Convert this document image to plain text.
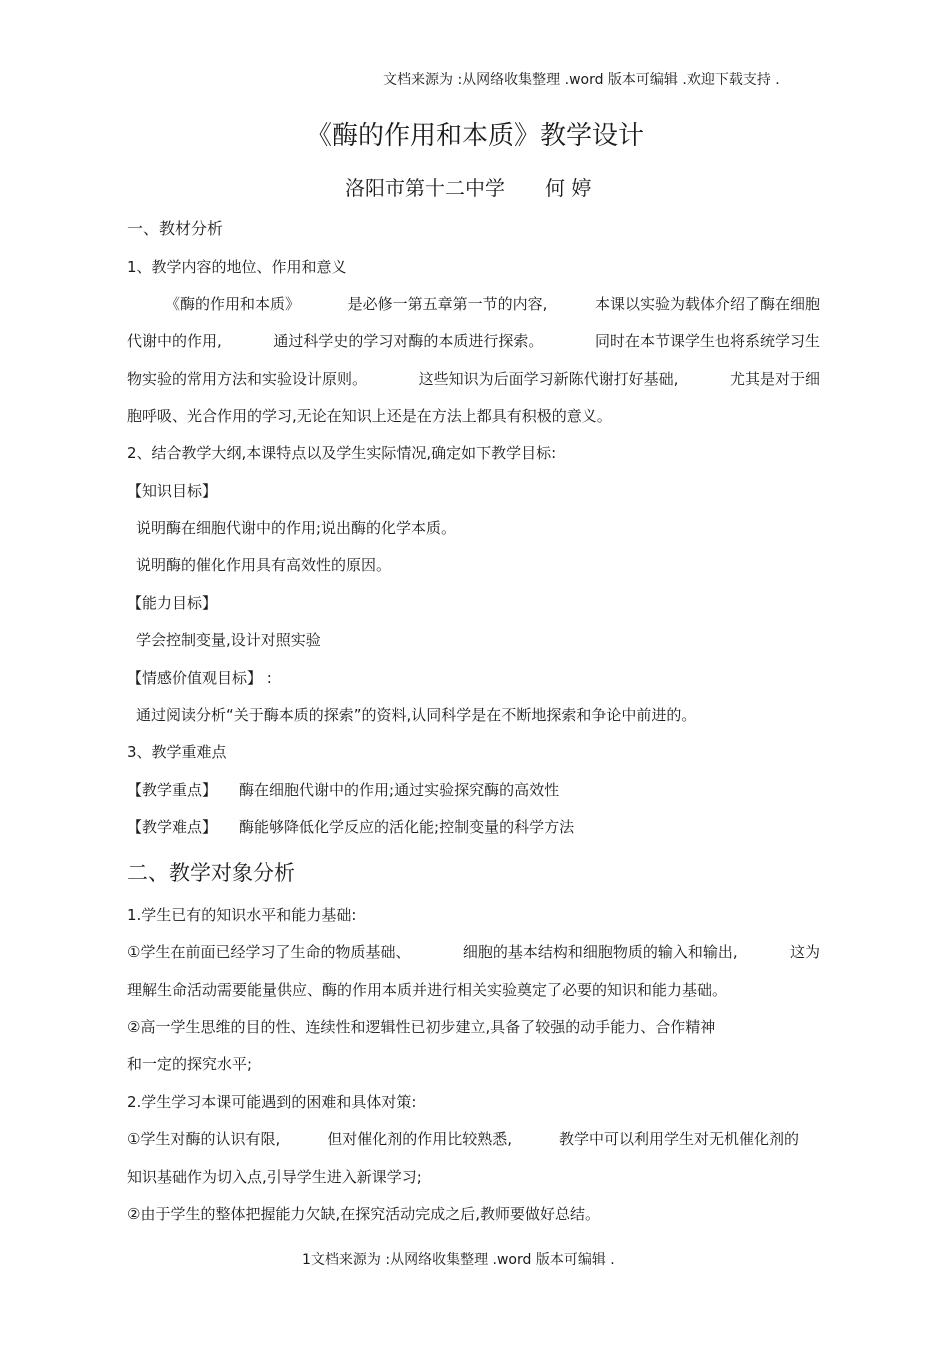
文档来源为 :从网络收集整理 .word 版本可编辑 .欢迎下载支持 .
《酶的作用和本质》教学设计
洛阳市第十二中学 何 婷
一、教材分析
1、教学内容的地位、作用和意义
《酶的作用和本质》	是必修一第五章第一节的内容,	本课以实验为载体介绍了酶在细胞
代谢中的作用,	通过科学史的学习对酶的本质进行探索。	同时在本节课学生也将系统学习生
物实验的常用方法和实验设计原则。	这些知识为后面学习新陈代谢打好基础,	尤其是对于细
胞呼吸、光合作用的学习,无论在知识上还是在方法上都具有积极的意义。
2、结合教学大纲,本课特点以及学生实际情况,确定如下教学目标:
【知识目标】
说明酶在细胞代谢中的作用;说出酶的化学本质。
说明酶的催化作用具有高效性的原因。
【能力目标】
学会控制变量,设计对照实验
【情感价值观目标】 :
通过阅读分析“关于酶本质的探索”的资料,认同科学是在不断地探索和争论中前进的。
3、教学重难点
【教学重点】 酶在细胞代谢中的作用;通过实验探究酶的高效性
【教学难点】 酶能够降低化学反应的活化能;控制变量的科学方法
二、教学对象分析
1.学生已有的知识水平和能力基础:
①学生在前面已经学习了生命的物质基础、	细胞的基本结构和细胞物质的输入和输出,	这为
理解生命活动需要能量供应、酶的作用本质并进行相关实验奠定了必要的知识和能力基础。
②高一学生思维的目的性、连续性和逻辑性已初步建立,具备了较强的动手能力、合作精神
和一定的探究水平;
2.学生学习本课可能遇到的困难和具体对策:
①学生对酶的认识有限,	但对催化剂的作用比较熟悉,	教学中可以利用学生对无机催化剂的
知识基础作为切入点,引导学生进入新课学习;
②由于学生的整体把握能力欠缺,在探究活动完成之后,教师要做好总结。
1文档来源为 :从网络收集整理 .word 版本可编辑 .
